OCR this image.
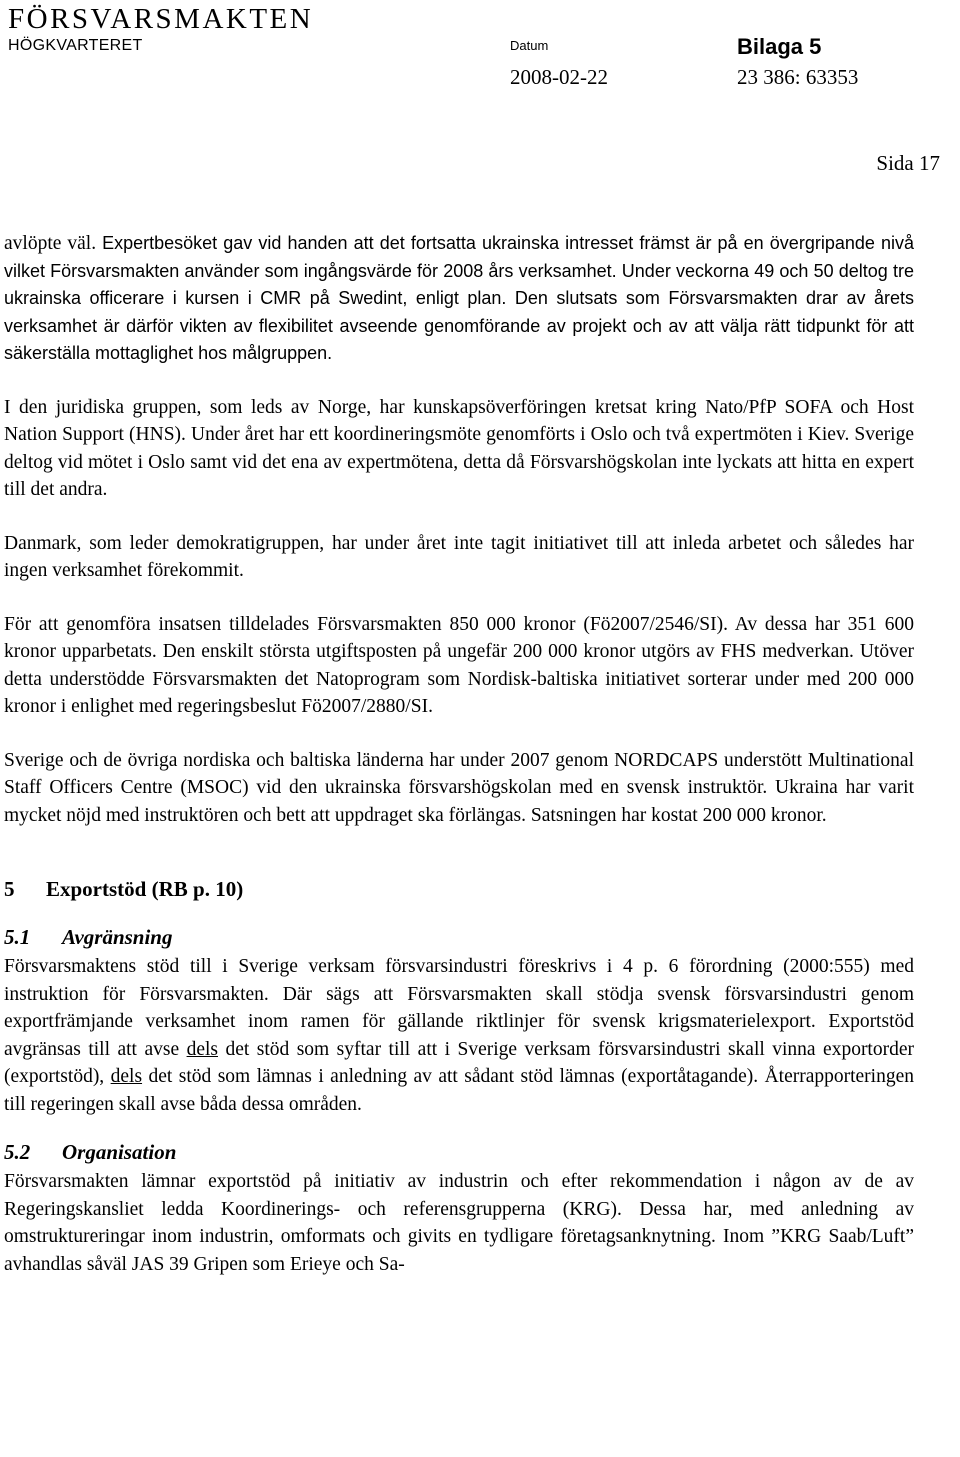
FÖRSVARSMAKTEN
HÖGKVARTERET	Datum
2008-02-22
Bilaga 5
23 386: 63353
Sida 17

avlöpte väl. Expertbesöket gav vid handen att det fortsatta ukrainska intresset främst är på en övergripande nivå vilket Försvarsmakten använder som ingångsvärde för 2008 års verksamhet. Under veckorna 49 och 50 deltog tre ukrainska officerare i kursen i CMR på Swedint, enligt plan. Den slutsats som Försvarsmakten drar av årets verksamhet är därför vikten av flexibilitet avseende genomförande av projekt och av att välja rätt tidpunkt för att säkerställa mottaglighet hos målgruppen.

I den juridiska gruppen, som leds av Norge, har kunskapsöverföringen kretsat kring Nato/PfP SOFA och Host Nation Support (HNS). Under året har ett koordineringsmöte genomförts i Oslo och två expertmöten i Kiev. Sverige deltog vid mötet i Oslo samt vid det ena av expertmötena, detta då Försvarshögskolan inte lyckats att hitta en expert till det andra.

Danmark, som leder demokratigruppen, har under året inte tagit initiativet till att inleda arbetet och således har ingen verksamhet förekommit.

För att genomföra insatsen tilldelades Försvarsmakten 850 000 kronor (Fö2007/2546/SI). Av dessa har 351 600 kronor upparbetats. Den enskilt största utgiftsposten på ungefär 200 000 kronor utgörs av FHS medverkan. Utöver detta understödde Försvarsmakten det Natoprogram som Nordisk-baltiska initiativet sorterar under med 200 000 kronor i enlighet med regeringsbeslut Fö2007/2880/SI.

Sverige och de övriga nordiska och baltiska länderna har under 2007 genom NORDCAPS understött Multinational Staff Officers Centre (MSOC) vid den ukrainska försvarshögskolan med en svensk instruktör. Ukraina har varit mycket nöjd med instruktören och bett att uppdraget ska förlängas. Satsningen har kostat 200 000 kronor.

5 Exportstöd (RB p. 10)
5.1 Avgränsning

Försvarsmaktens stöd till i Sverige verksam försvarsindustri föreskrivs i 4 p. 6 förordning (2000:555) med instruktion för Försvarsmakten. Där sägs att Försvarsmakten skall stödja svensk försvarsindustri genom exportfrämjande verksamhet inom ramen för gällande riktlinjer för svensk krigsmaterielexport. Exportstöd avgränsas till att avse dels det stöd som syftar till att i Sverige verksam försvarsindustri skall vinna exportorder (exportstöd), dels det stöd som lämnas i anledning av att sådant stöd lämnas (exportåtagande). Återrapporteringen till regeringen skall avse båda dessa områden.

5.2 Organisation

Försvarsmakten lämnar exportstöd på initiativ av industrin och efter rekommendation i någon av de av Regeringskansliet ledda Koordinerings- och referensgrupperna (KRG). Dessa har, med anledning av omstruktureringar inom industrin, omformats och givits en tydligare företagsanknytning. Inom ”KRG Saab/Luft” avhandlas såväl JAS 39 Gripen som Erieye och Sa-
